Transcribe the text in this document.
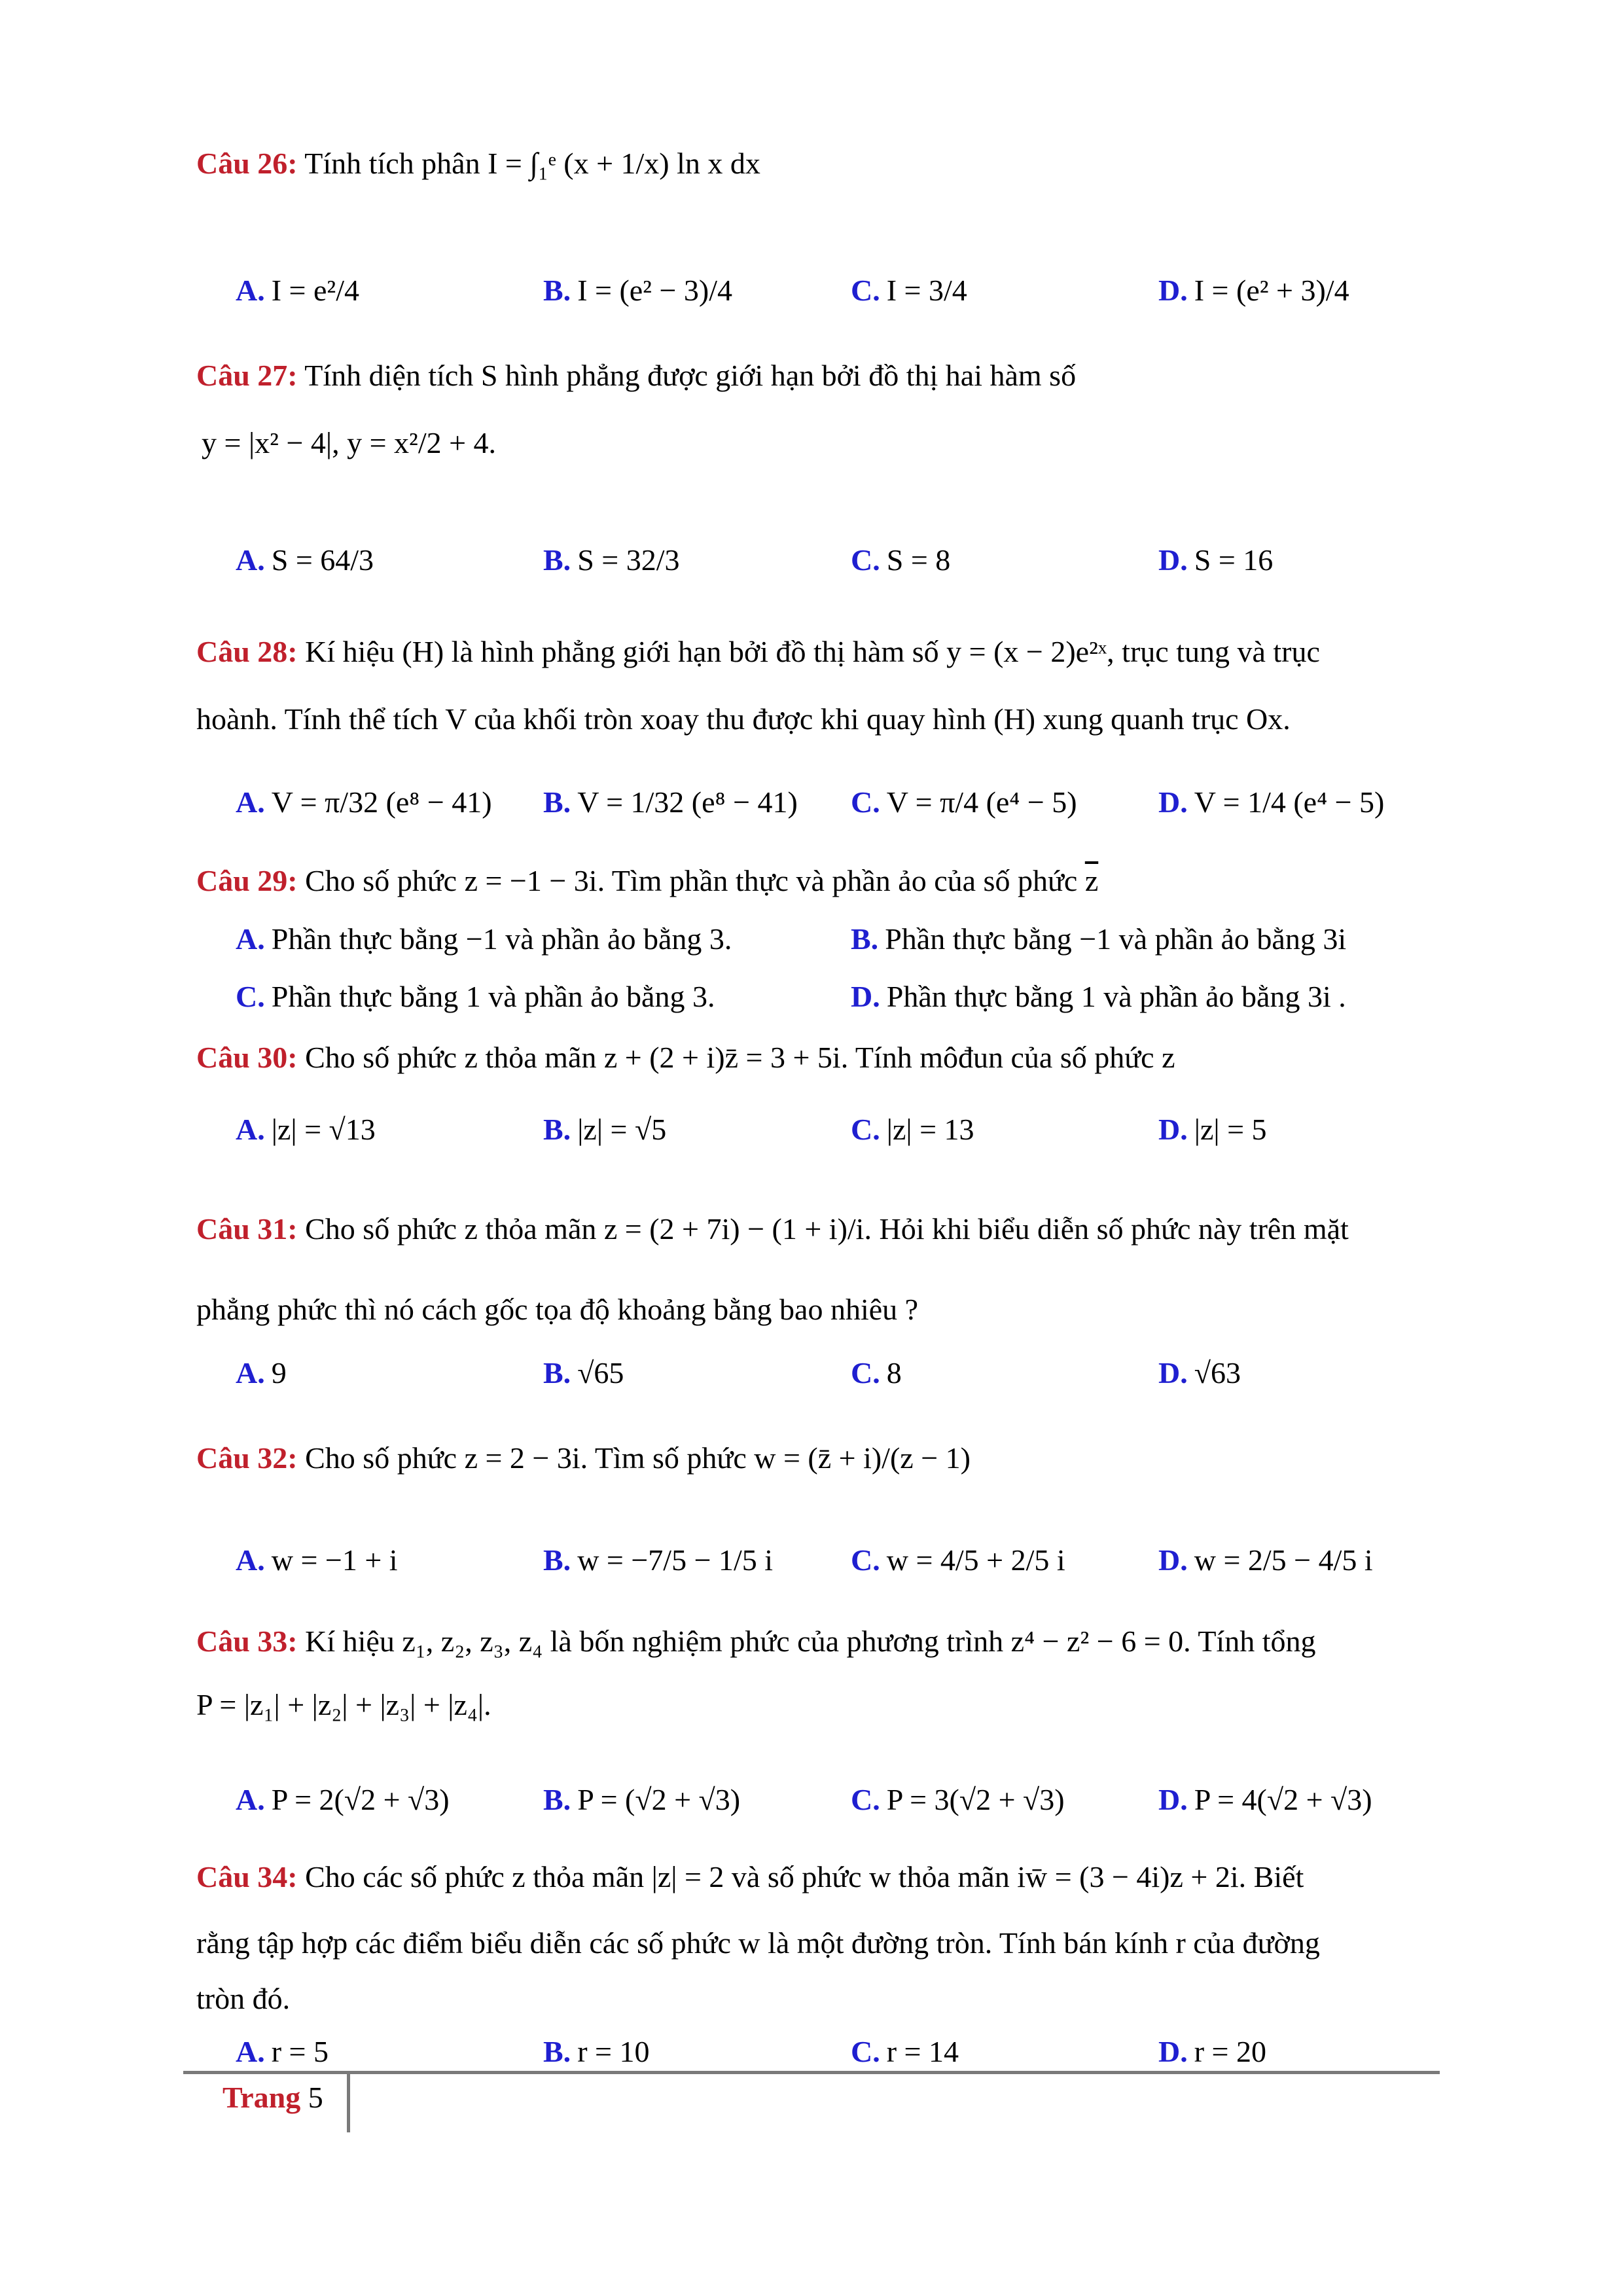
Câu 26: Tính tích phân I = ∫₁ᵉ (x + 1/x) ln x dx
A. I = e²/4	B. I = (e² − 3)/4	C. I = 3/4	D. I = (e² + 3)/4
Câu 27: Tính diện tích S hình phẳng được giới hạn bởi đồ thị hai hàm số
y = |x² − 4|, y = x²/2 + 4.
A. S = 64/3	B. S = 32/3	C. S = 8	D. S = 16
Câu 28: Kí hiệu (H) là hình phẳng giới hạn bởi đồ thị hàm số y = (x − 2)e²ˣ, trục tung và trục
hoành. Tính thể tích V của khối tròn xoay thu được khi quay hình (H) xung quanh trục Ox.
A. V = π/32 (e⁸ − 41) B. V = 1/32 (e⁸ − 41) C. V = π/4 (e⁴ − 5)	D. V = 1/4 (e⁴ − 5)
Câu 29: Cho số phức z = −1 − 3i. Tìm phần thực và phần ảo của số phức $\overline{z}$
A. Phần thực bằng −1 và phần ảo bằng 3.	B. Phần thực bằng −1 và phần ảo bằng 3i
C. Phần thực bằng 1 và phần ảo bằng 3.	D. Phần thực bằng 1 và phần ảo bằng 3i .
Câu 30: Cho số phức z thỏa mãn z + (2 + i)z̄ = 3 + 5i. Tính môđun của số phức z
A. |z| = √13	B. |z| = √5	C. |z| = 13	D. |z| = 5
Câu 31: Cho số phức z thỏa mãn z = (2 + 7i) − (1 + i)/i. Hỏi khi biểu diễn số phức này trên mặt
phẳng phức thì nó cách gốc tọa độ khoảng bằng bao nhiêu ?
A. 9	B. √65	C. 8	D. √63
Câu 32: Cho số phức z = 2 − 3i. Tìm số phức w = (z̄ + i)/(z − 1)
A. w = −1 + i	B. w = −7/5 − 1/5 i	C. w = 4/5 + 2/5 i	D. w = 2/5 − 4/5 i
Câu 33: Kí hiệu z₁, z₂, z₃, z₄ là bốn nghiệm phức của phương trình z⁴ − z² − 6 = 0. Tính tổng
P = |z₁| + |z₂| + |z₃| + |z₄|.
A. P = 2(√2 + √3)	B. P = (√2 + √3)	C. P = 3(√2 + √3)	D. P = 4(√2 + √3)
Câu 34: Cho các số phức z thỏa mãn |z| = 2 và số phức w thỏa mãn iw̄ = (3 − 4i)z + 2i. Biết
rằng tập hợp các điểm biểu diễn các số phức w là một đường tròn. Tính bán kính r của đường
tròn đó.
A. r = 5	B. r = 10	C. r = 14	D. r = 20
Trang 5
